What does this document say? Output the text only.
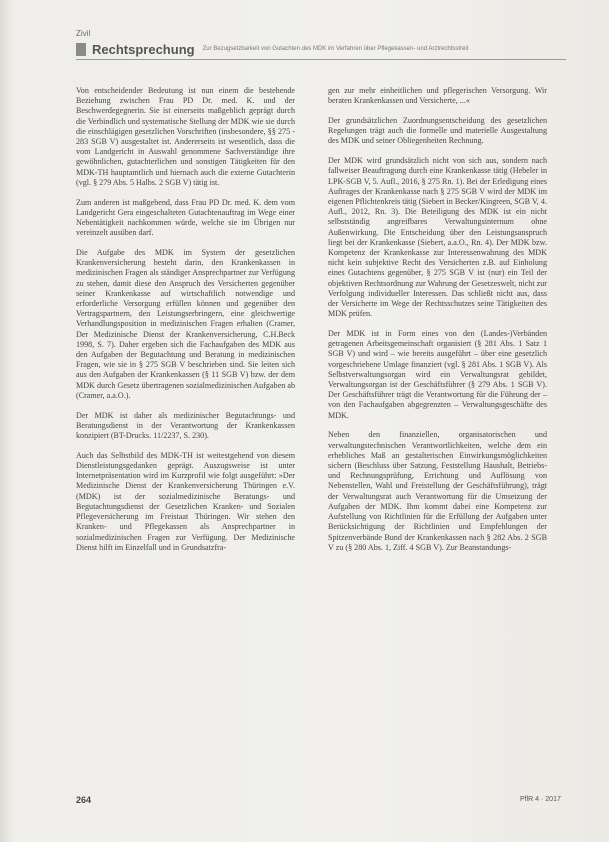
Zivil
Rechtsprechung Zur Bezugsetzbarkeit von Gutachten des MDK im Verfahren über Pflegekassen- und Arztrechtsstreit

Von entscheidender Bedeutung ist nun einem die bestehende Beziehung zwischen Frau PD Dr. med. K. und der Beschwerdegegnerin. Sie ist einerseits maßgeblich geprägt durch die Verbindlich und systematische Stellung der MDK wie sie durch die einschlägigen gesetzlichen Vorschriften (insbesondere, §§ 275 - 283 SGB V) ausgestaltet ist. Andererseits ist wesentlich, dass die vom Landgericht in Auswahl genommene Sachverständige ihre gewöhnlichen, gutachterlichen und sonstigen Tätigkeiten für den MDK-TH hauptamtlich und hiernach auch die externe Gutachterin (vgl. § 279 Abs. 5 Halbs. 2 SGB V) tätig ist.

Zum anderen ist maßgebend, dass Frau PD Dr. med. K. dem vom Landgericht Gera eingeschalteten Gutachtenauftrag im Wege einer Nebentätigkeit nachkommen würde, welche sie im Übrigen nur vereinzelt ausüben darf.

Die Aufgabe des MDK im System der gesetzlichen Krankenversicherung besteht darin, den Krankenkassen in medizinischen Fragen als ständiger Ansprechpartner zur Verfügung zu stehen, damit diese den Anspruch des Versicherten gegenüber seiner Krankenkasse auf wirtschaftlich notwendige und erforderliche Versorgung erfüllen können und gegenüber den Vertragspartnern, den Leistungserbringern, eine gleichwertige Verhandlungsposition in medizinischen Fragen erhalten (Cramer, Der Medizinische Dienst der Krankenversicherung, C.H.Beck 1998, S. 7). Daher ergeben sich die Fachaufgaben des MDK aus den Aufgaben der Begutachtung und Beratung in medizinischen Fragen, wie sie in § 275 SGB V beschrieben sind. Sie leiten sich aus den Aufgaben der Krankenkassen (§ 11 SGB V) bzw. der dem MDK durch Gesetz übertragenen sozialmedizinischen Aufgaben ab (Cramer, a.a.O.).

Der MDK ist daher als medizinischer Begutachtungs- und Beratungsdienst in der Verantwortung der Krankenkassen konzipiert (BT-Drucks. 11/2237, S. 230).

Auch das Selbstbild des MDK-TH ist weitestgehend von diesem Dienstleistungsgedanken geprägt. Auszugsweise ist unter Internetpräsentation wird im Kurzprofil wie folgt ausgeführt: »Der Medizinische Dienst der Krankenversicherung Thüringen e.V. (MDK) ist der sozialmedizinische Beratungs- und Begutachtungsdienst der Gesetzlichen Kranken- und Sozialen Pflegeversicherung im Freistaat Thüringen. Wir stehen den Kranken- und Pflegekassen als Ansprechpartner in sozialmedizinischen Fragen zur Verfügung. Der Medizinische Dienst hilft im Einzelfall und in Grundsatzfra-

gen zur mehr einheitlichen und pflegerischen Versorgung. Wir beraten Krankenkassen und Versicherte, ...«

Der grundsätzlichen Zuordnungsentscheidung des gesetzlichen Regelungen trägt auch die formelle und materielle Ausgestaltung des MDK und seiner Obliegenheiten Rechnung.

Der MDK wird grundsätzlich nicht von sich aus, sondern nach fallweiser Beauftragung durch eine Krankenkasse tätig (Hebeler in LPK-SGB V, 5. Aufl., 2016, § 275 Rn. 1). Bei der Erledigung eines Auftrages der Krankenkasse nach § 275 SGB V wird der MDK im eigenen Pflichtenkreis tätig (Siebert in Becker/Kingreen, SGB V, 4. Aufl., 2012, Rn. 3). Die Beteiligung des MDK ist ein nicht selbstständig angreifbares Verwaltungsinternum ohne Außenwirkung. Die Entscheidung über den Leistungsanspruch liegt bei der Krankenkasse (Siebert, a.a.O., Rn. 4). Der MDK bzw. Kompetenz der Krankenkasse zur Interessenwahrung des MDK nicht kein subjektive Recht des Versicherten z.B. auf Einholung eines Gutachtens gegenüber, § 275 SGB V ist (nur) ein Teil der objektiven Rechtsordnung zur Wahrung der Gesetzeswelt, nicht zur Verfolgung individueller Interessen. Das schließt nicht aus, dass der Versicherte im Wege der Rechtsschutzes seine Tätigkeiten des MDK prüfen.

Der MDK ist in Form eines von den (Landes-)Verbänden getragenen Arbeitsgemeinschaft organisiert (§ 281 Abs. 1 Satz 1 SGB V) und wird – wie bereits ausgeführt – über eine gesetzlich vorgeschriebene Umlage finanziert (vgl. § 281 Abs. 1 SGB V). Als Selbstverwaltungsorgan wird ein Verwaltungsrat gebildet, Verwaltungsorgan ist der Geschäftsführer (§ 279 Abs. 1 SGB V). Der Geschäftsführer trägt die Verantwortung für die Führung der – von den Fachaufgaben abgegrenzten – Verwaltungsgeschäfte des MDK.

Neben den finanziellen, organisatorischen und verwaltungstechnischen Verantwortlichkeiten, welche dem ein erhebliches Maß an gestalterischen Einwirkungsmöglichkeiten sichern (Beschluss über Satzung, Feststellung Haushalt, Betriebs- und Rechnungsprüfung, Errichtung und Auflösung von Nebenstellen, Wahl und Freistellung der Geschäftsführung), trägt der Verwaltungsrat auch Verantwortung für die Umsetzung der Aufgaben der MDK. Ihm kommt dabei eine Kompetenz zur Aufstellung von Richtlinien für die Erfüllung der Aufgaben unter Berücksichtigung der Richtlinien und Empfehlungen der Spitzenverbände Bund der Krankenkassen nach § 282 Abs. 2 SGB V zu (§ 280 Abs. 1, Ziff. 4 SGB V). Zur Beanstandungs-

264	PflR 4 · 2017
